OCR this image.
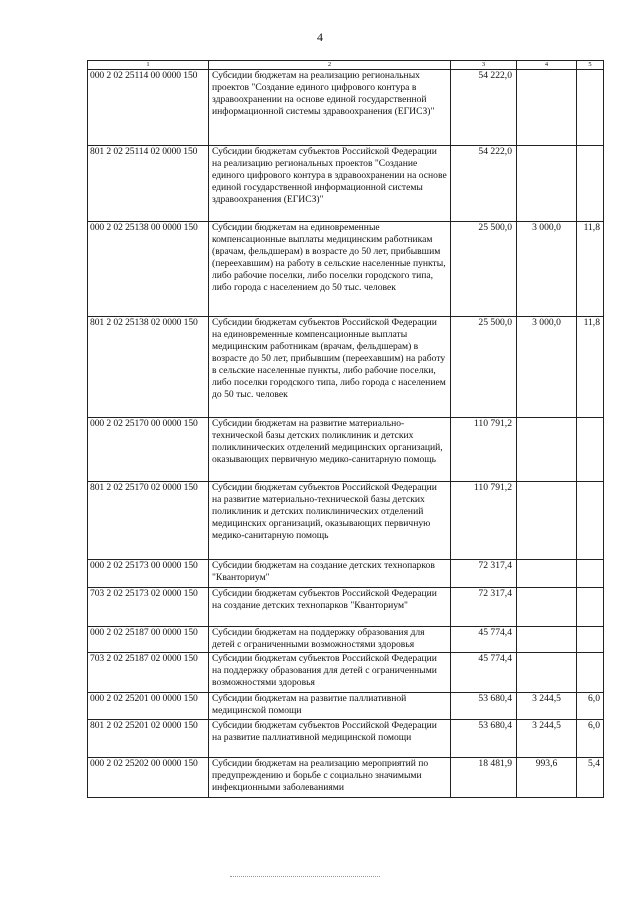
4
1	2	3	4	5
000 2 02 25114 00 0000 150	Субсидии бюджетам на реализацию региональных проектов "Создание единого цифрового контура в здравоохранении на основе единой государственной информационной системы здравоохранения (ЕГИСЗ)"	54 222,0		
801 2 02 25114 02 0000 150	Субсидии бюджетам субъектов Российской Федерации на реализацию региональных проектов "Создание единого цифрового контура в здравоохранении на основе единой государственной информационной системы здравоохранения (ЕГИСЗ)"	54 222,0		
000 2 02 25138 00 0000 150	Субсидии бюджетам на единовременные компенсационные выплаты медицинским работникам (врачам, фельдшерам) в возрасте до 50 лет, прибывшим (переехавшим) на работу в сельские населенные пункты, либо рабочие поселки, либо поселки городского типа, либо города с населением до 50 тыс. человек	25 500,0	3 000,0	11,8
801 2 02 25138 02 0000 150	Субсидии бюджетам субъектов Российской Федерации на единовременные компенсационные выплаты медицинским работникам (врачам, фельдшерам) в возрасте до 50 лет, прибывшим (переехавшим) на работу в сельские населенные пункты, либо рабочие поселки, либо поселки городского типа, либо города с населением до 50 тыс. человек	25 500,0	3 000,0	11,8
000 2 02 25170 00 0000 150	Субсидии бюджетам на развитие материально-технической базы детских поликлиник и детских поликлинических отделений медицинских организаций, оказывающих первичную медико-санитарную помощь	110 791,2		
801 2 02 25170 02 0000 150	Субсидии бюджетам субъектов Российской Федерации на развитие материально-технической базы детских поликлиник и детских поликлинических отделений медицинских организаций, оказывающих первичную медико-санитарную помощь	110 791,2		
000 2 02 25173 00 0000 150	Субсидии бюджетам на создание детских технопарков "Кванториум"	72 317,4		
703 2 02 25173 02 0000 150	Субсидии бюджетам субъектов Российской Федерации на создание детских технопарков "Кванториум"	72 317,4		
000 2 02 25187 00 0000 150	Субсидии бюджетам на поддержку образования для детей с ограниченными возможностями здоровья	45 774,4		
703 2 02 25187 02 0000 150	Субсидии бюджетам субъектов Российской Федерации на поддержку образования для детей с ограниченными возможностями здоровья	45 774,4		
000 2 02 25201 00 0000 150	Субсидии бюджетам на развитие паллиативной медицинской помощи	53 680,4	3 244,5	6,0
801 2 02 25201 02 0000 150	Субсидии бюджетам субъектов Российской Федерации на развитие паллиативной медицинской помощи	53 680,4	3 244,5	6,0
000 2 02 25202 00 0000 150	Субсидии бюджетам на реализацию мероприятий по предупреждению и борьбе с социально значимыми инфекционными заболеваниями	18 481,9	993,6	5,4
